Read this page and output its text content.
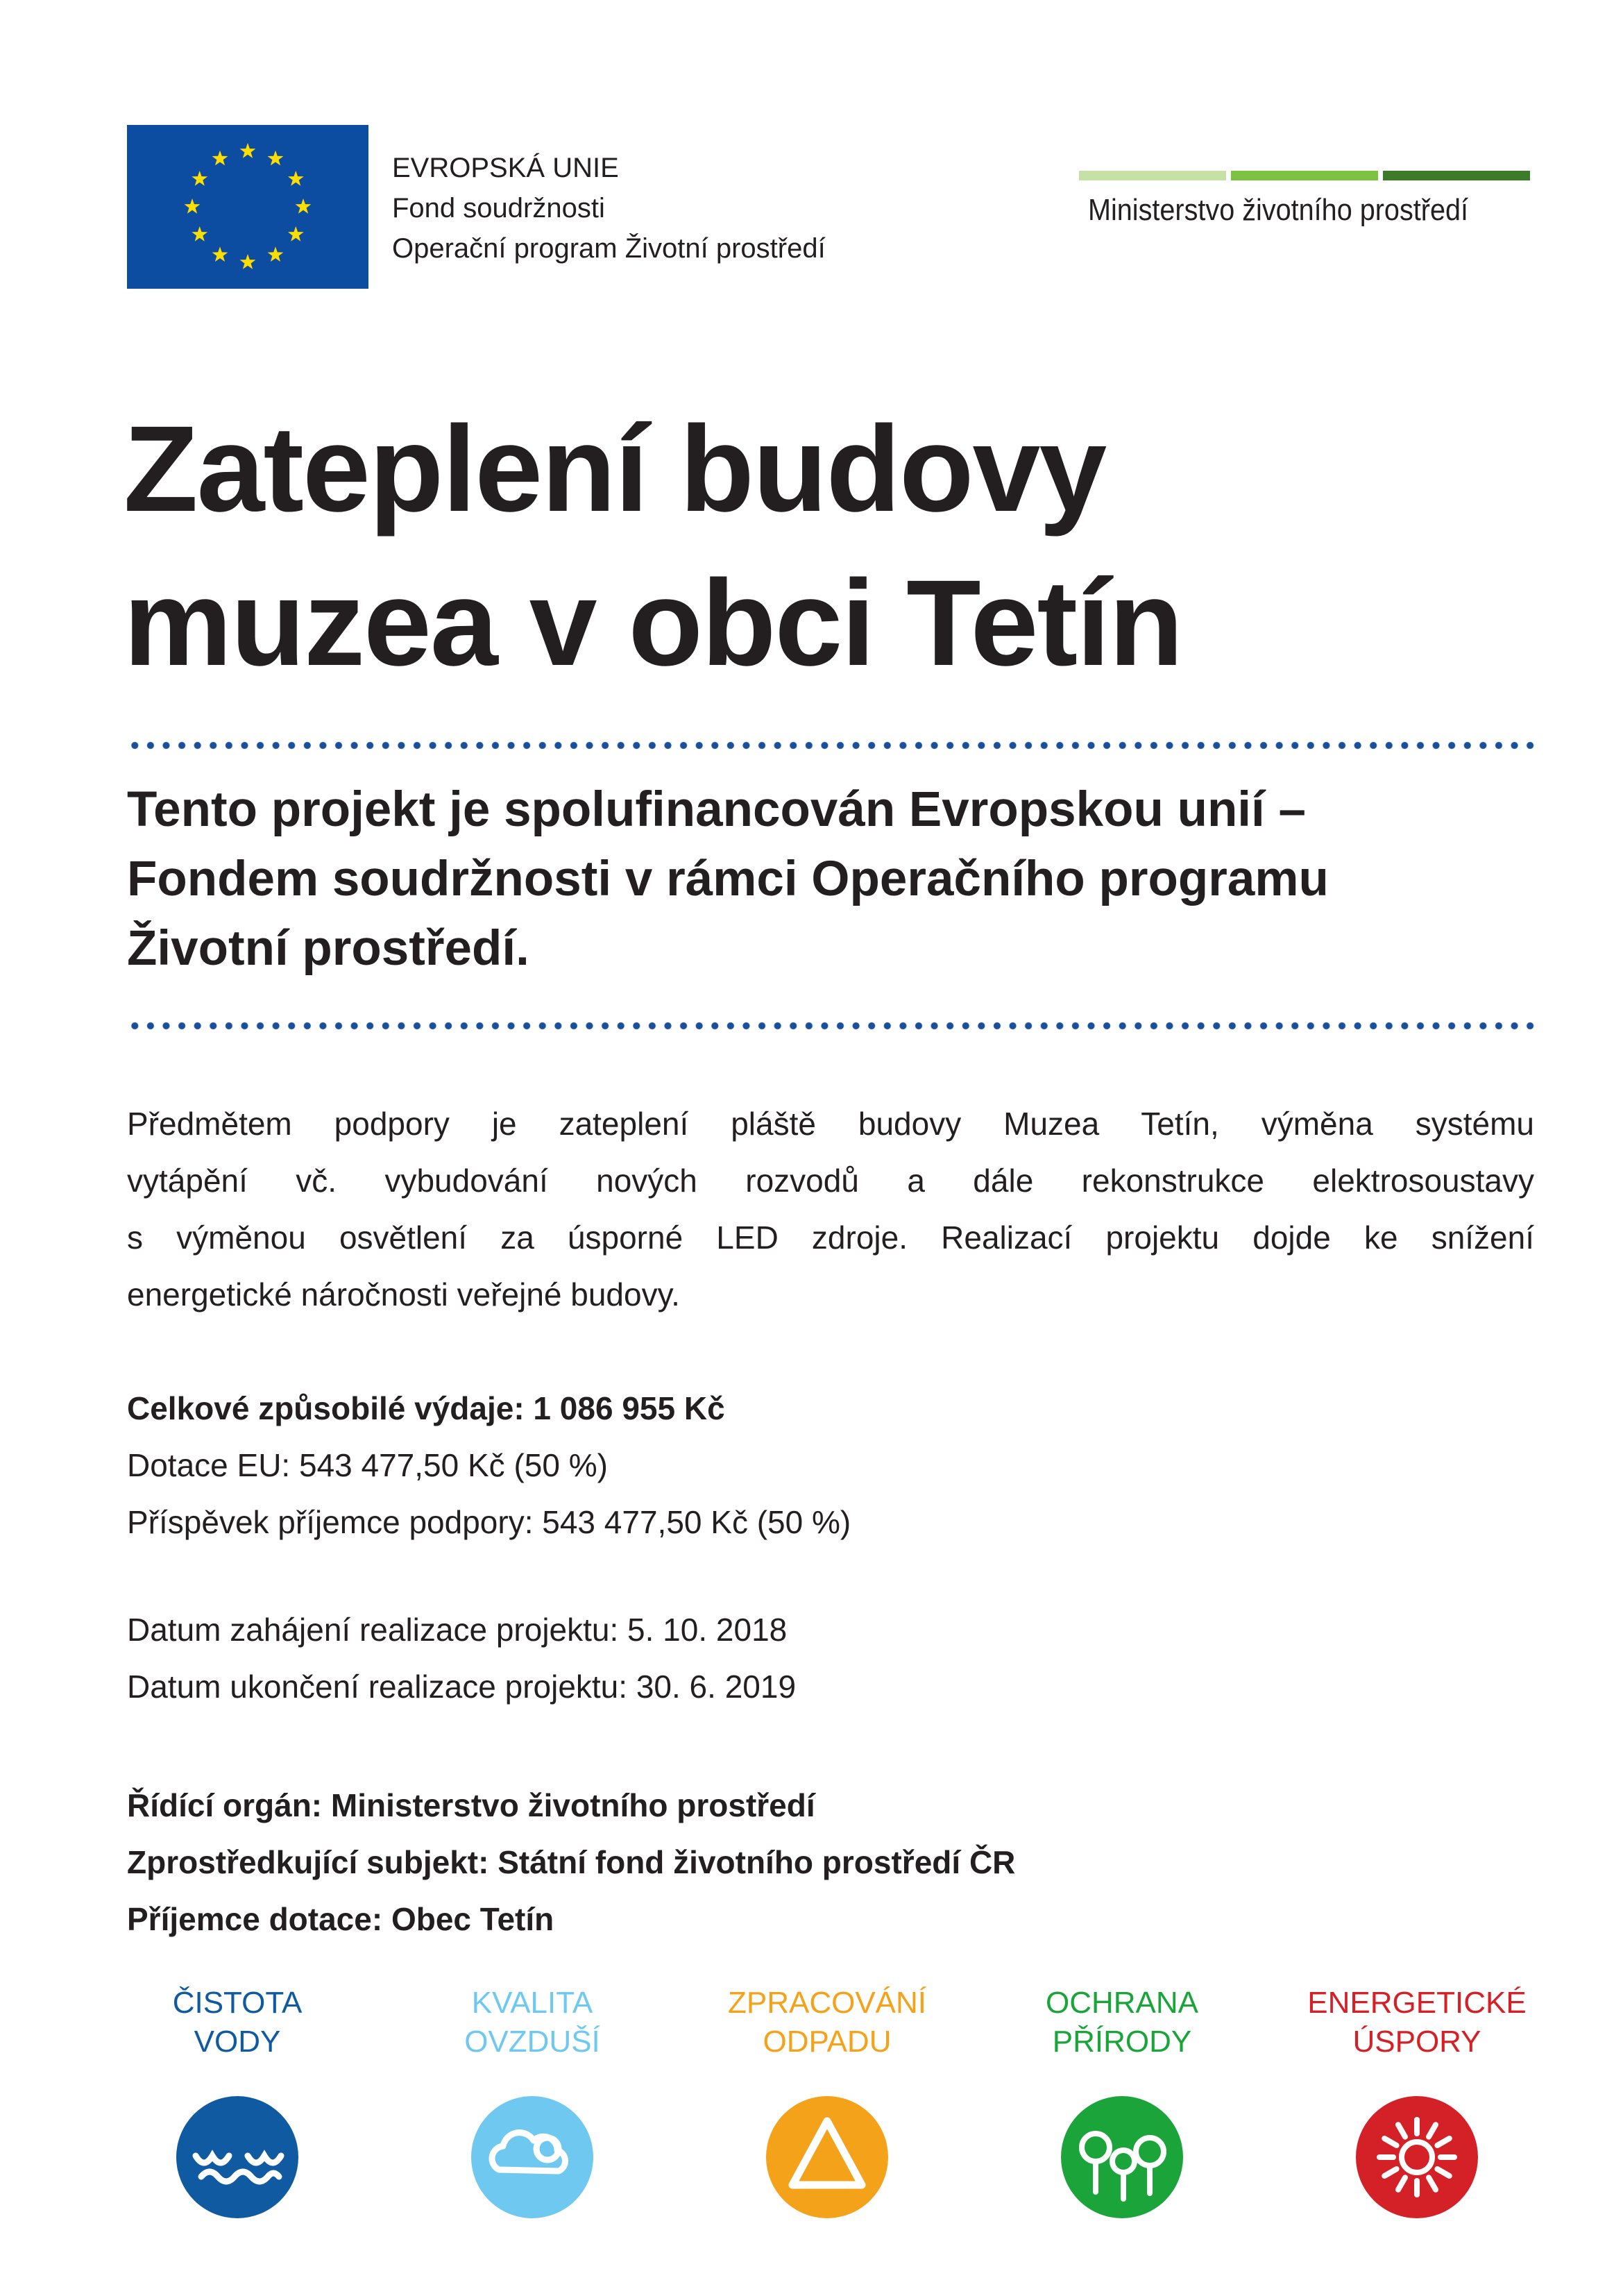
EVROPSKÁ UNIE
Fond soudržnosti
Operační program Životní prostředí
Ministerstvo životního prostředí
Zateplení budovy
muzea v obci Tetín
Tento projekt je spolufinancován Evropskou unií –
Fondem soudržnosti v rámci Operačního programu
Životní prostředí.
Předmětem podpory je zateplení pláště budovy Muzea Tetín, výměna systému
vytápění vč. vybudování nových rozvodů a dále rekonstrukce elektrosoustavy
s výměnou osvětlení za úsporné LED zdroje. Realizací projektu dojde ke snížení
energetické náročnosti veřejné budovy.
Celkové způsobilé výdaje: 1 086 955 Kč
Dotace EU: 543 477,50 Kč (50 %)
Příspěvek příjemce podpory: 543 477,50 Kč (50 %)
Datum zahájení realizace projektu: 5. 10. 2018
Datum ukončení realizace projektu: 30. 6. 2019
Řídící orgán: Ministerstvo životního prostředí
Zprostředkující subjekt: Státní fond životního prostředí ČR
Příjemce dotace: Obec Tetín
ČISTOTA
VODY
KVALITA
OVZDUŠÍ
ZPRACOVÁNÍ
ODPADU
OCHRANA
PŘÍRODY
ENERGETICKÉ
ÚSPORY
